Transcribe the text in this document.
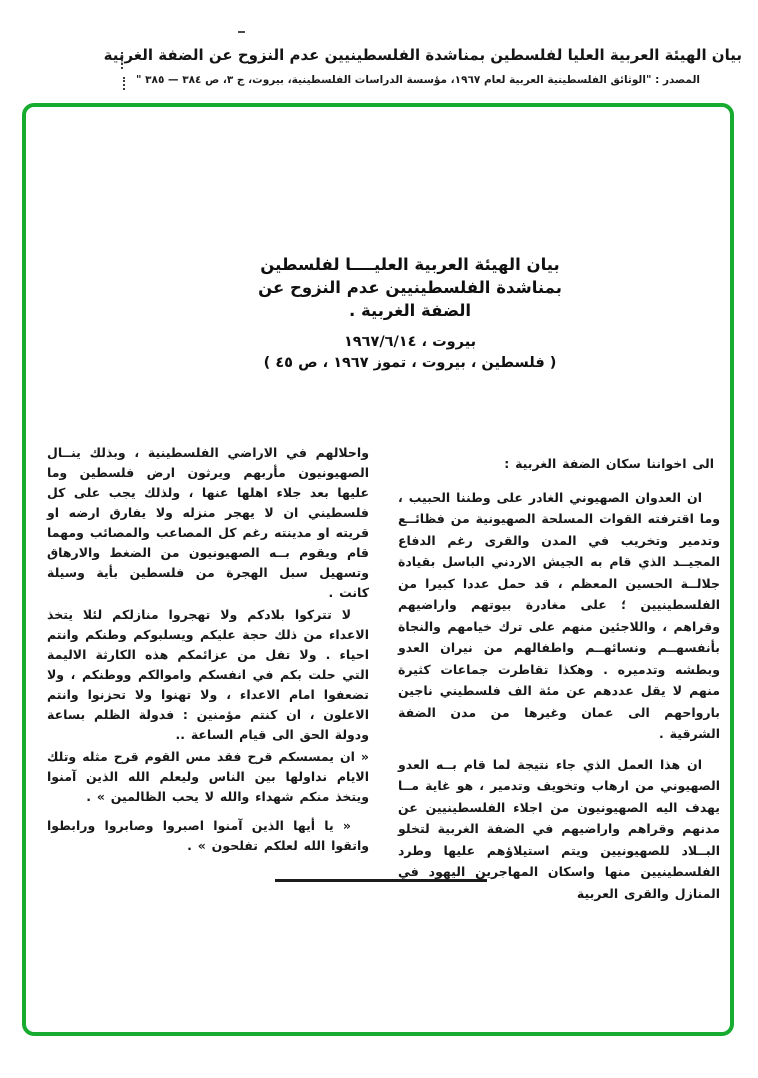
بيان الهيئة العربية العليا لفلسطين بمناشدة الفلسطينيين عدم النزوح عن الضفة الغربية
المصدر : "الوثائق الفلسطينية العربية لعام ١٩٦٧، مؤسسة الدراسات الفلسطينية، بيروت، ج ٣، ص ٣٨٤ — ٣٨٥ "
بيان الهيئة العربية العليــــا لفلسطين
بمناشدة الفلسطينيين عدم النزوح عن
الضفة الغربية .
بيروت ، ١٩٦٧/٦/١٤
( فلسطين ، بيروت ، تموز ١٩٦٧ ، ص ٤٥ )

الى اخواننا سكان الضفة الغربية :

ان العدوان الصهيوني الغادر على وطننا الحبيب ، وما اقترفته القوات المسلحة الصهيونية من فظائــع وتدمير وتخريب في المدن والقرى رغم الدفاع المجيــد الذي قام به الجيش الاردني الباسل بقيادة جلالــة الحسين المعظم ، قد حمل عددا كبيرا من الفلسطينيين ؛ على مغادرة بيوتهم واراضيهم وقراهم ، واللاجئين منهم على ترك خيامهم والنجاة بأنفسهــم ونسائهــم واطفالهم من نيران العدو وبطشه وتدميره . وهكذا تقاطرت جماعات كثيرة منهم لا يقل عددهم عن مئة الف فلسطيني ناجين بارواحهم الى عمان وغيرها من مدن الضفة الشرقية .

ان هذا العمل الذي جاء نتيجة لما قام بــه العدو الصهيوني من ارهاب وتخويف وتدمير ، هو غاية مــا يهدف اليه الصهيونيون من اجلاء الفلسطينيين عن مدنهم وقراهم واراضيهم في الضفة الغربية لتخلو البــلاد للصهيونيين ويتم استيلاؤهم عليها وطرد الفلسطينيين منها واسكان المهاجرين اليهود في المنازل والقرى العربية

واحلالهم في الاراضي الفلسطينية ، وبذلك ينــال الصهيونيون مأربهم ويرثون ارض فلسطين وما عليها بعد جلاء اهلها عنها ، ولذلك يجب على كل فلسطيني ان لا يهجر منزله ولا يفارق ارضه او قريته او مدينته رغم كل المصاعب والمصائب ومهما قام ويقوم بــه الصهيونيون من الضغط والارهاق وتسهيل سبل الهجرة من فلسطين بأية وسيلة كانت .

لا تتركوا بلادكم ولا تهجروا منازلكم لئلا يتخذ الاعداء من ذلك حجة عليكم ويسلبوكم وطنكم وانتم احياء . ولا تفل من عزائمكم هذه الكارثة الاليمة التي حلت بكم في انفسكم واموالكم ووطنكم ، ولا تضعفوا امام الاعداء ، ولا تهنوا ولا تحزنوا وانتم الاعلون ، ان كنتم مؤمنين : فدولة الظلم بساعة ودولة الحق الى قيام الساعة ..

« ان يمسسكم قرح فقد مس القوم قرح مثله وتلك الايام نداولها بين الناس وليعلم الله الذين آمنوا ويتخذ منكم شهداء والله لا يحب الظالمين » .

« يا أيها الذين آمنوا اصبروا وصابروا ورابطوا واتقوا الله لعلكم تفلحون » .
